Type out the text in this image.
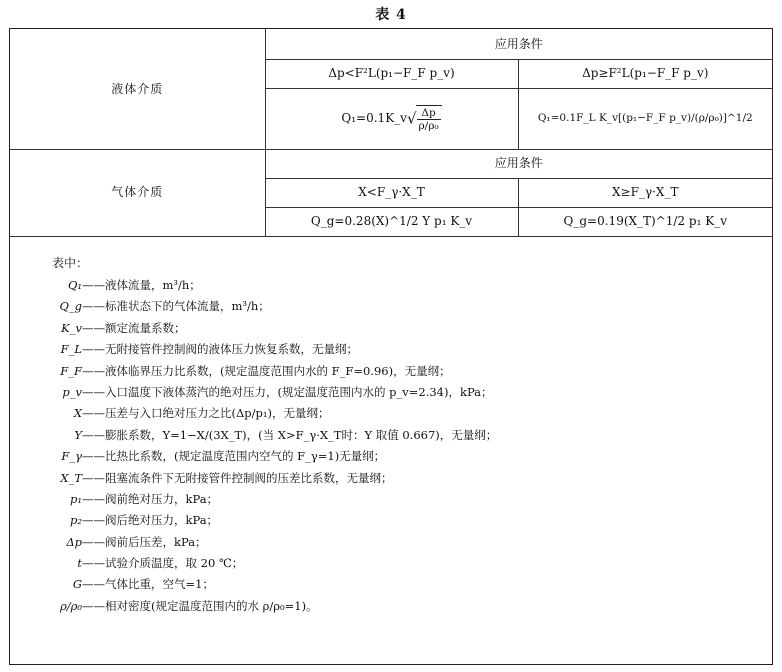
表 4
液体介质	应用条件	
	Δp<F²L(p₁−F_F p_v)	Δp≥F²L(p₁−F_F p_v)
	Q₁=0.1K_v√ $\frac{\Delta p}{\text{ρ/ρ₀}}$	Q₁=0.1F_L K_v[(p₁−F_F p_v)/(ρ/ρ₀)]^1/2
气体介质	应用条件	
	X<F_γ·X_T	X≥F_γ·X_T
	Q_g=0.28(X)^1/2 Y p₁ K_v	Q_g=0.19(X_T)^1/2 p₁ K_v
表中：
Q₁——液体流量，m³/h；
Q_g——标准状态下的气体流量，m³/h；
K_v——额定流量系数；
F_L——无附接管件控制阀的液体压力恢复系数，无量纲；
F_F——液体临界压力比系数，(规定温度范围内水的 F_F=0.96)，无量纲；
p_v——入口温度下液体蒸汽的绝对压力，(规定温度范围内水的 p_v=2.34)，kPa；
X——压差与入口绝对压力之比(Δp/p₁)，无量纲；
Y——膨胀系数，Y=1−X/(3X_T)，(当 X>F_γ·X_T时：Y 取值 0.667)，无量纲；
F_γ——比热比系数，(规定温度范围内空气的 F_γ=1)无量纲；
X_T——阻塞流条件下无附接管件控制阀的压差比系数，无量纲；
p₁——阀前绝对压力，kPa；
p₂——阀后绝对压力，kPa；
Δp——阀前后压差，kPa；
t——试验介质温度，取 20 ℃；
G——气体比重，空气=1；
ρ/ρ₀——相对密度(规定温度范围内的水 ρ/ρ₀=1)。
